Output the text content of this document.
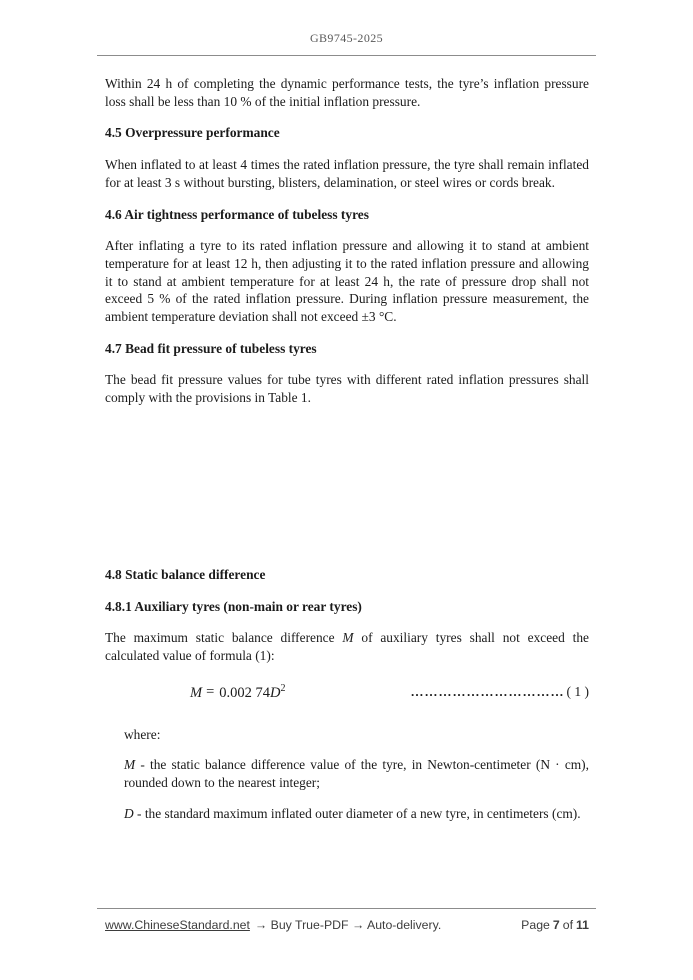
GB9745-2025

Within 24 h of completing the dynamic performance tests, the tyre’s inflation pressure loss shall be less than 10 % of the initial inflation pressure.

4.5 Overpressure performance

When inflated to at least 4 times the rated inflation pressure, the tyre shall remain inflated for at least 3 s without bursting, blisters, delamination, or steel wires or cords break.

4.6 Air tightness performance of tubeless tyres

After inflating a tyre to its rated inflation pressure and allowing it to stand at ambient temperature for at least 12 h, then adjusting it to the rated inflation pressure and allowing it to stand at ambient temperature for at least 24 h, the rate of pressure drop shall not exceed 5 % of the rated inflation pressure. During inflation pressure measurement, the ambient temperature deviation shall not exceed ±3 °C.

4.7 Bead fit pressure of tubeless tyres

The bead fit pressure values for tube tyres with different rated inflation pressures shall comply with the provisions in Table 1.

4.8 Static balance difference
4.8.1 Auxiliary tyres (non-main or rear tyres)

The maximum static balance difference M of auxiliary tyres shall not exceed the calculated value of formula (1):

M = 0.002 $74D^2$	…………………………… ( 1 )

where:

M - the static balance difference value of the tyre, in Newton-centimeter (N · cm), rounded down to the nearest integer;

D - the standard maximum inflated outer diameter of a new tyre, in centimeters (cm).

www.ChineseStandard.net → Buy True-PDF → Auto-delivery.	Page 7 of 11
